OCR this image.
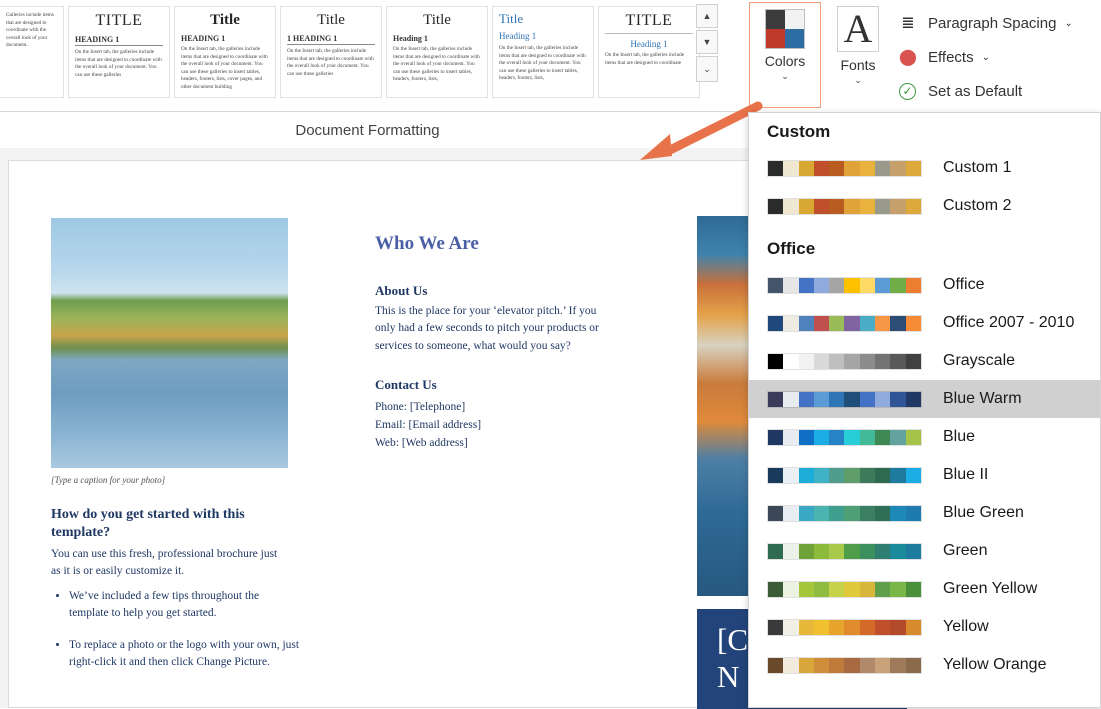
Galleries include items that are designed to coordinate with the overall look of your document.
TITLE
HEADING 1
On the Insert tab, the galleries include items that are designed to coordinate with the overall look of your document. You can use these galleries
Title
HEADING 1
On the Insert tab, the galleries include items that are designed to coordinate with the overall look of your document. You can use these galleries to insert tables, headers, footers, lists, cover pages, and other document building
Title
1 HEADING 1
On the Insert tab, the galleries include items that are designed to coordinate with the overall look of your document. You can use these galleries
Title
Heading 1
On the Insert tab, the galleries include items that are designed to coordinate with the overall look of your document. You can use these galleries to insert tables, headers, footers, lists,
Title
Heading 1
On the Insert tab, the galleries include items that are designed to coordinate with the overall look of your document. You can use these galleries to insert tables, headers, footers, lists,
TITLE
Heading 1
On the Insert tab, the galleries include items that are designed to coordinate
▲
▼
⌄
Document Formatting
Colors
⌄
A
Fonts
⌄
≣ Paragraph Spacing ⌄
⬤ Effects ⌄
✓ Set as Default
[Type a caption for your photo]
How do you get started with this template?
You can use this fresh, professional brochure just as it is or easily customize it.
• We’ve included a few tips throughout the template to help you get started.
• To replace a photo or the logo with your own, just right-click it and then click Change Picture.
Who We Are
About Us
This is the place for your ‘elevator pitch.’ If you only had a few seconds to pitch your products or services to someone, what would you say?
Contact Us
Phone: [Telephone]
Email: [Email address]
Web: [Web address]
[C
N
Custom
Custom 1
Custom 2
Office
Office
Office 2007 - 2010
Grayscale
Blue Warm
Blue
Blue II
Blue Green
Green
Green Yellow
Yellow
Yellow Orange
